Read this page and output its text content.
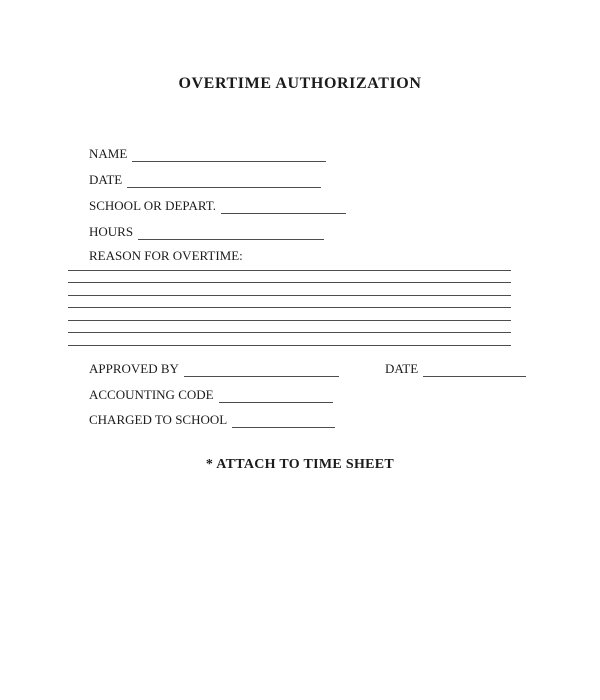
OVERTIME AUTHORIZATION
NAME
DATE
SCHOOL OR DEPART.
HOURS
REASON FOR OVERTIME:
APPROVED BY	DATE
ACCOUNTING CODE
CHARGED TO SCHOOL
* ATTACH TO TIME SHEET
